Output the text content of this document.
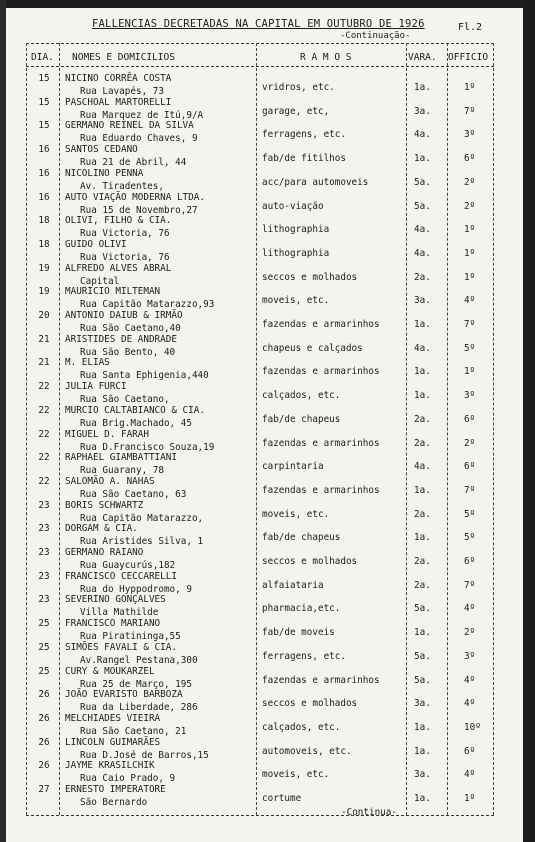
FALLENCIAS DECRETADAS NA CAPITAL EM OUTUBRO DE 1926	Fl.2
-Continuação-
DIA. NOMES E DOMICILIOS	R A M O S	VARA. OFFICIO
15	NICINO CORRÊA COSTA
Rua Lavapés, 73	vridros, etc.	1a.	1º
15	PASCHOAL MARTORELLI
Rua Marquez de Itú,9/A	garage, etc,	3a.	7º
15	GERMANO REINEL DA SILVA
Rua Eduardo Chaves, 9	ferragens, etc.	4a.	3º
16	SANTOS CEDANO
Rua 21 de Abril, 44	fab/de fitilhos	1a.	6º
16	NICOLINO PENNA
Av. Tiradentes,	acc/para automoveis	5a.	2º
16	AUTO VIAÇÃO MODERNA LTDA.
Rua 15 de Novembro,27	auto-viação	5a.	2º
18	OLIVI, FILHO & CIA.
Rua Victoria, 76	lithographia	4a.	1º
18	GUIDO OLIVI
Rua Victoria, 76	lithographia	4a.	1º
19	ALFREDO ALVES ABRAL
Capital	seccos e molhados	2a.	1º
19	MAURICIO MILTEMAN
Rua Capitão Matarazzo,93	moveis, etc.	3a.	4º
20	ANTONIO DAIUB & IRMÃO
Rua São Caetano,40	fazendas e armarinhos	1a.	7º
21	ARISTIDES DE ANDRADE
Rua São Bento, 40	chapeus e calçados	4a.	5º
21	M. ELIAS
Rua Santa Ephigenia,440	fazendas e armarinhos	1a.	1º
22	JULIA FURCI
Rua São Caetano,	calçados, etc.	1a.	3º
22	MURCIO CALTABIANCO & CIA.
Rua Brig.Machado, 45	fab/de chapeus	2a.	6º
22	MIGUEL D. FARAH
Rua D.Francisco Souza,19	fazendas e armarinhos	2a.	2º
22	RAPHAEL GIAMBATTIANI
Rua Guarany, 78	carpintaria	4a.	6º
22	SALOMÃO A. NAHAS
Rua São Caetano, 63	fazendas e armarinhos	1a.	7º
23	BORIS SCHWARTZ
Rua Capitão Matarazzo,	moveis, etc.	2a.	5º
23	DORGAM & CIA.
Rua Aristides Silva, 1	fab/de chapeus	1a.	5º
23	GERMANO RAIANO
Rua Guaycurús,182	seccos e molhados	2a.	6º
23	FRANCISCO CECCARELLI
Rua do Hyppodromo, 9	alfaiataria	2a.	7º
23	SEVERINO GONÇALVES
Villa Mathilde	pharmacia,etc.	5a.	4º
25	FRANCISCO MARIANO
Rua Piratininga,55	fab/de moveis	1a.	2º
25	SIMÕES FAVALI & CIA.
Av.Rangel Pestana,300	ferragens, etc.	5a.	3º
25	CURY & MOUKARZEL
Rua 25 de Março, 195	fazendas e armarinhos	5a.	4º
26	JOÃO EVARISTO BARBOZA
Rua da Liberdade, 286	seccos e molhados	3a.	4º
26	MELCHIADES VIEIRA
Rua São Caetano, 21	calçados, etc.	1a.	10º
26	LINCOLN GUIMARÃES
Rua D.José de Barros,15	automoveis, etc.	1a.	6º
26	JAYME KRASILCHIK
Rua Caio Prado, 9	moveis, etc.	3a.	4º
27	ERNESTO IMPERATORE
São Bernardo	cortume	1a.	1º
-Continua-
